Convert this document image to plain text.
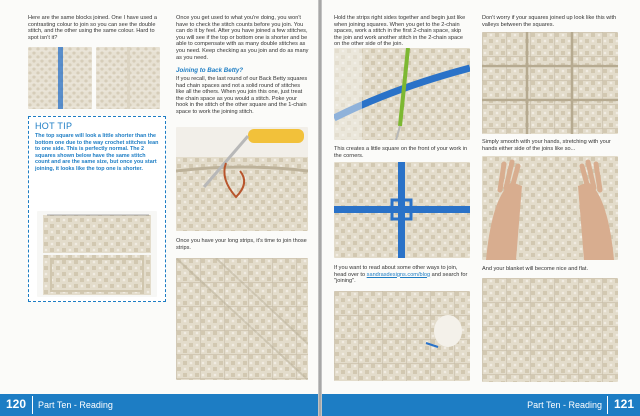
Here are the same blocks joined. One I have used a contrasting colour to join so you can see the double stitch, and the other using the same colour. Hard to spot isn't it?
HOT TIP
The top square will look a little shorter than the bottom one due to the way crochet stitches lean to one side. This is perfectly normal. The 2 squares shown below have the same stitch count and are the same size, but once you start joining, it looks like the top one is shorter.
Once you get used to what you're doing, you won't have to check the stitch counts before you join. You can do it by feel. After you have joined a few stitches, you will see if the top or bottom one is shorter and be able to compensate with as many double stitches as you need. Keep checking as you join and do as many as you need.
Joining to Back Betty?
If you recall, the last round of our Back Betty squares had chain spaces and not a solid round of stitches like all the others. When you join this one, just treat the chain space as you would a stitch. Poke your hook in the stitch of the other square and the 1-chain space to work the joining stitch.
Once you have your long strips, it's time to join those strips.
120 Part Ten - Reading
Hold the strips right sides together and begin just like when joining squares. When you get to the 2-chain spaces, work a stitch in the first 2-chain space, skip the join and work another stitch in the 2-chain space on the other side of the join.
This creates a little square on the front of your work in the corners.
If you want to read about some other ways to join, head over to sandrasdesigns.com/blog and search for "joining".
Don't worry if your squares joined up look like this with valleys between the squares.
Simply smooth with your hands, stretching with your hands either side of the joins like so...
And your blanket will become nice and flat.
Part Ten - Reading 121
